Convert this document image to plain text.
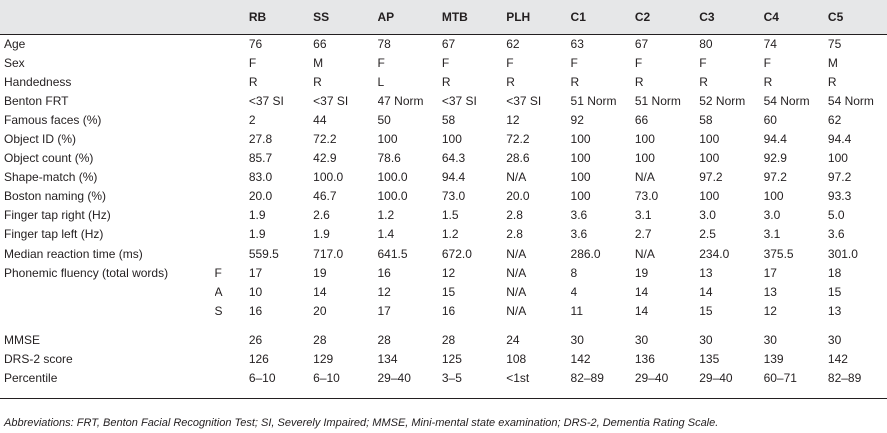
		RB	SS	AP	MTB	PLH	C1	C2	C3	C4	C5
Age		76	66	78	67	62	63	67	80	74	75
Sex		F	M	F	F	F	F	F	F	F	M
Handedness		R	R	L	R	R	R	R	R	R	R
Benton FRT		<37 SI	<37 SI	47 Norm	<37 SI	<37 SI	51 Norm	51 Norm	52 Norm	54 Norm	54 Norm
Famous faces (%)		2	44	50	58	12	92	66	58	60	62
Object ID (%)		27.8	72.2	100	100	72.2	100	100	100	94.4	94.4
Object count (%)		85.7	42.9	78.6	64.3	28.6	100	100	100	92.9	100
Shape-match (%)		83.0	100.0	100.0	94.4	N/A	100	N/A	97.2	97.2	97.2
Boston naming (%)		20.0	46.7	100.0	73.0	20.0	100	73.0	100	100	93.3
Finger tap right (Hz)		1.9	2.6	1.2	1.5	2.8	3.6	3.1	3.0	3.0	5.0
Finger tap left (Hz)		1.9	1.9	1.4	1.2	2.8	3.6	2.7	2.5	3.1	3.6
Median reaction time (ms)		559.5	717.0	641.5	672.0	N/A	286.0	N/A	234.0	375.5	301.0
Phonemic fluency (total words)	F	17	19	16	12	N/A	8	19	13	17	18
	A	10	14	12	15	N/A	4	14	14	13	15
	S	16	20	17	16	N/A	11	14	15	12	13

MMSE		26	28	28	28	24	30	30	30	30	30
DRS-2 score		126	129	134	125	108	142	136	135	139	142
Percentile		6–10	6–10	29–40	3–5	<1st	82–89	29–40	29–40	60–71	82–89
Abbreviations: FRT, Benton Facial Recognition Test; SI, Severely Impaired; MMSE, Mini-mental state examination; DRS-2, Dementia Rating Scale.
